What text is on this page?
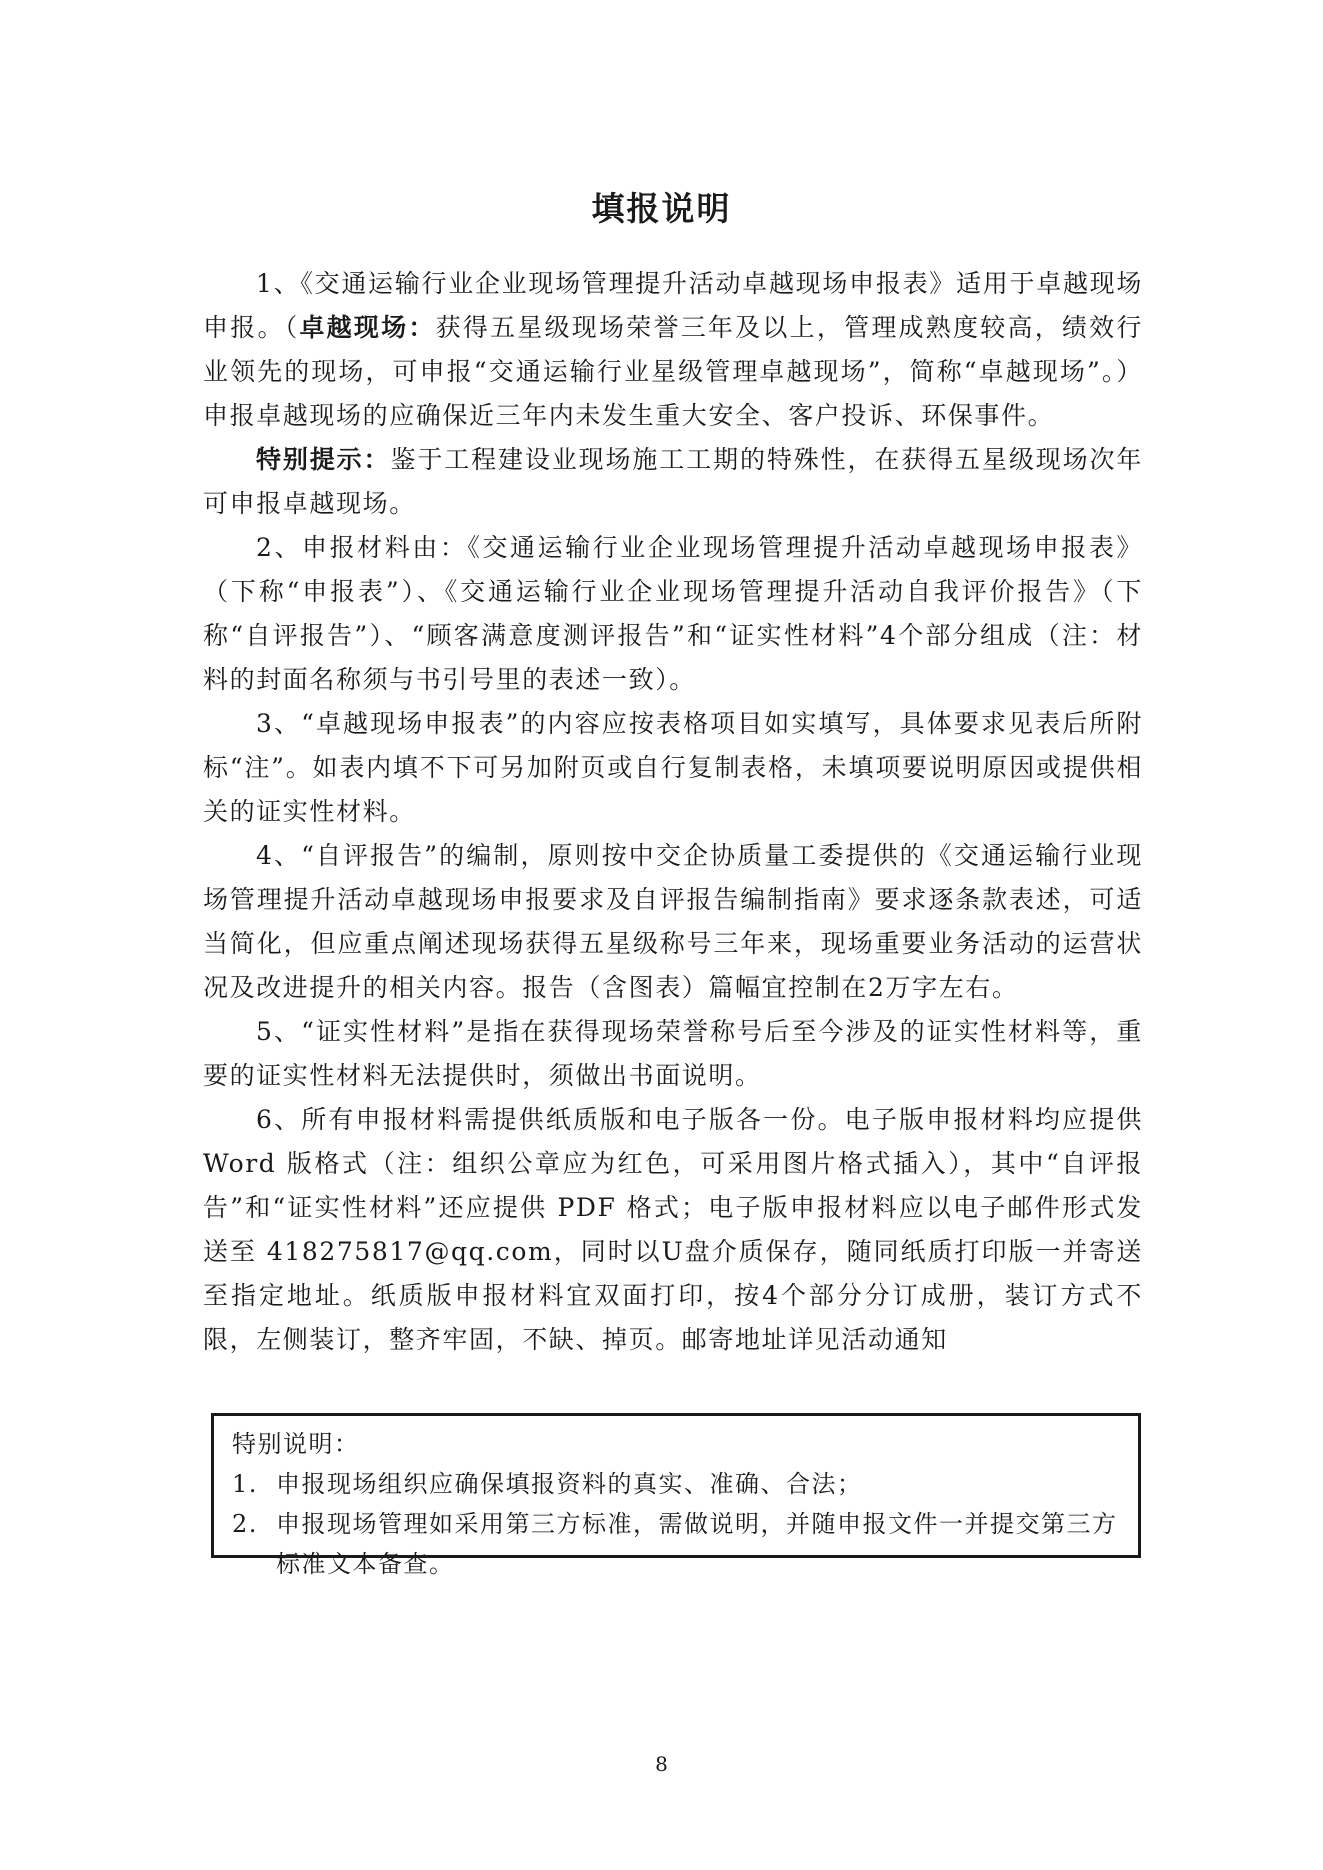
填报说明

1、《交通运输行业企业现场管理提升活动卓越现场申报表》适用于卓越现场申报。（卓越现场：获得五星级现场荣誉三年及以上，管理成熟度较高，绩效行业领先的现场，可申报“交通运输行业星级管理卓越现场”，简称“卓越现场”。）申报卓越现场的应确保近三年内未发生重大安全、客户投诉、环保事件。

特别提示：鉴于工程建设业现场施工工期的特殊性，在获得五星级现场次年可申报卓越现场。

2、申报材料由：《交通运输行业企业现场管理提升活动卓越现场申报表》（下称“申报表”）、《交通运输行业企业现场管理提升活动自我评价报告》（下称“自评报告”）、“顾客满意度测评报告”和“证实性材料”4个部分组成（注：材料的封面名称须与书引号里的表述一致）。

3、“卓越现场申报表”的内容应按表格项目如实填写，具体要求见表后所附标“注”。如表内填不下可另加附页或自行复制表格，未填项要说明原因或提供相关的证实性材料。

4、“自评报告”的编制，原则按中交企协质量工委提供的《交通运输行业现场管理提升活动卓越现场申报要求及自评报告编制指南》要求逐条款表述，可适当简化，但应重点阐述现场获得五星级称号三年来，现场重要业务活动的运营状况及改进提升的相关内容。报告（含图表）篇幅宜控制在2万字左右。

5、“证实性材料”是指在获得现场荣誉称号后至今涉及的证实性材料等，重要的证实性材料无法提供时，须做出书面说明。

6、所有申报材料需提供纸质版和电子版各一份。电子版申报材料均应提供Word 版格式（注：组织公章应为红色，可采用图片格式插入），其中“自评报告”和“证实性材料”还应提供 PDF 格式；电子版申报材料应以电子邮件形式发送至 418275817@qq.com，同时以U盘介质保存，随同纸质打印版一并寄送至指定地址。纸质版申报材料宜双面打印，按4个部分分订成册，装订方式不限，左侧装订，整齐牢固，不缺、掉页。邮寄地址详见活动通知

特别说明：
1. 申报现场组织应确保填报资料的真实、准确、合法；
2. 申报现场管理如采用第三方标准，需做说明，并随申报文件一并提交第三方标准文本备查。
8
